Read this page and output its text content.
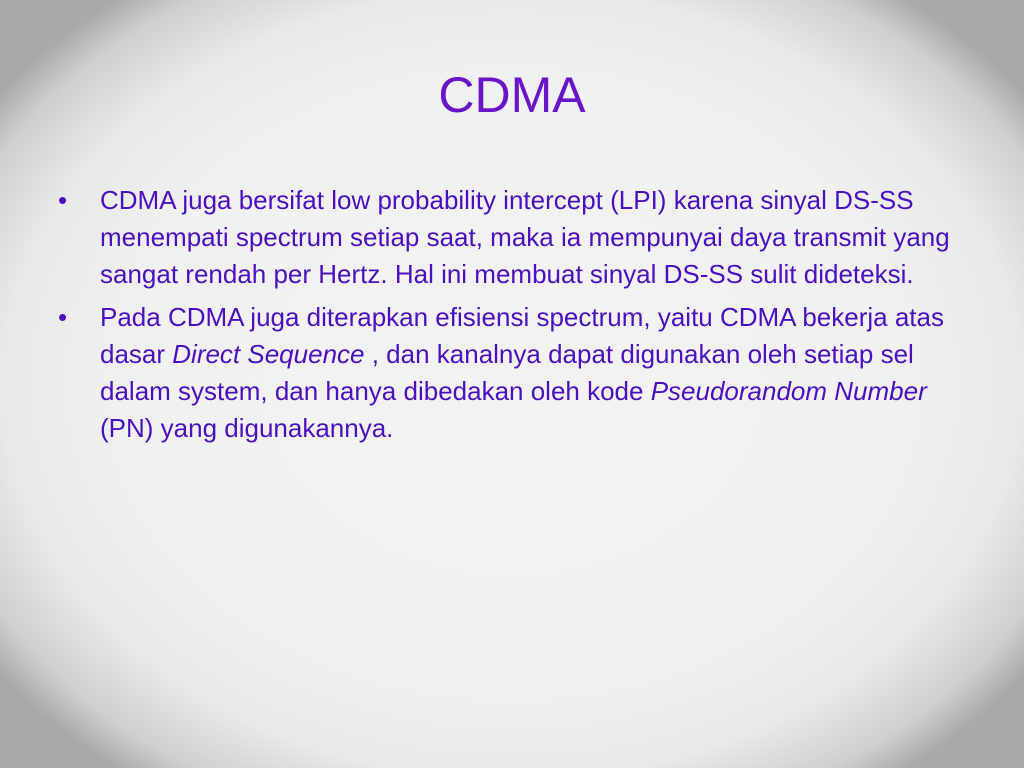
CDMA
• CDMA juga bersifat low probability intercept (LPI) karena sinyal DS-SS menempati spectrum setiap saat, maka ia mempunyai daya transmit yang sangat rendah per Hertz. Hal ini membuat sinyal DS-SS sulit dideteksi.
• Pada CDMA juga diterapkan efisiensi spectrum, yaitu CDMA bekerja atas dasar Direct Sequence , dan kanalnya dapat digunakan oleh setiap sel dalam system, dan hanya dibedakan oleh kode Pseudorandom Number (PN) yang digunakannya.
